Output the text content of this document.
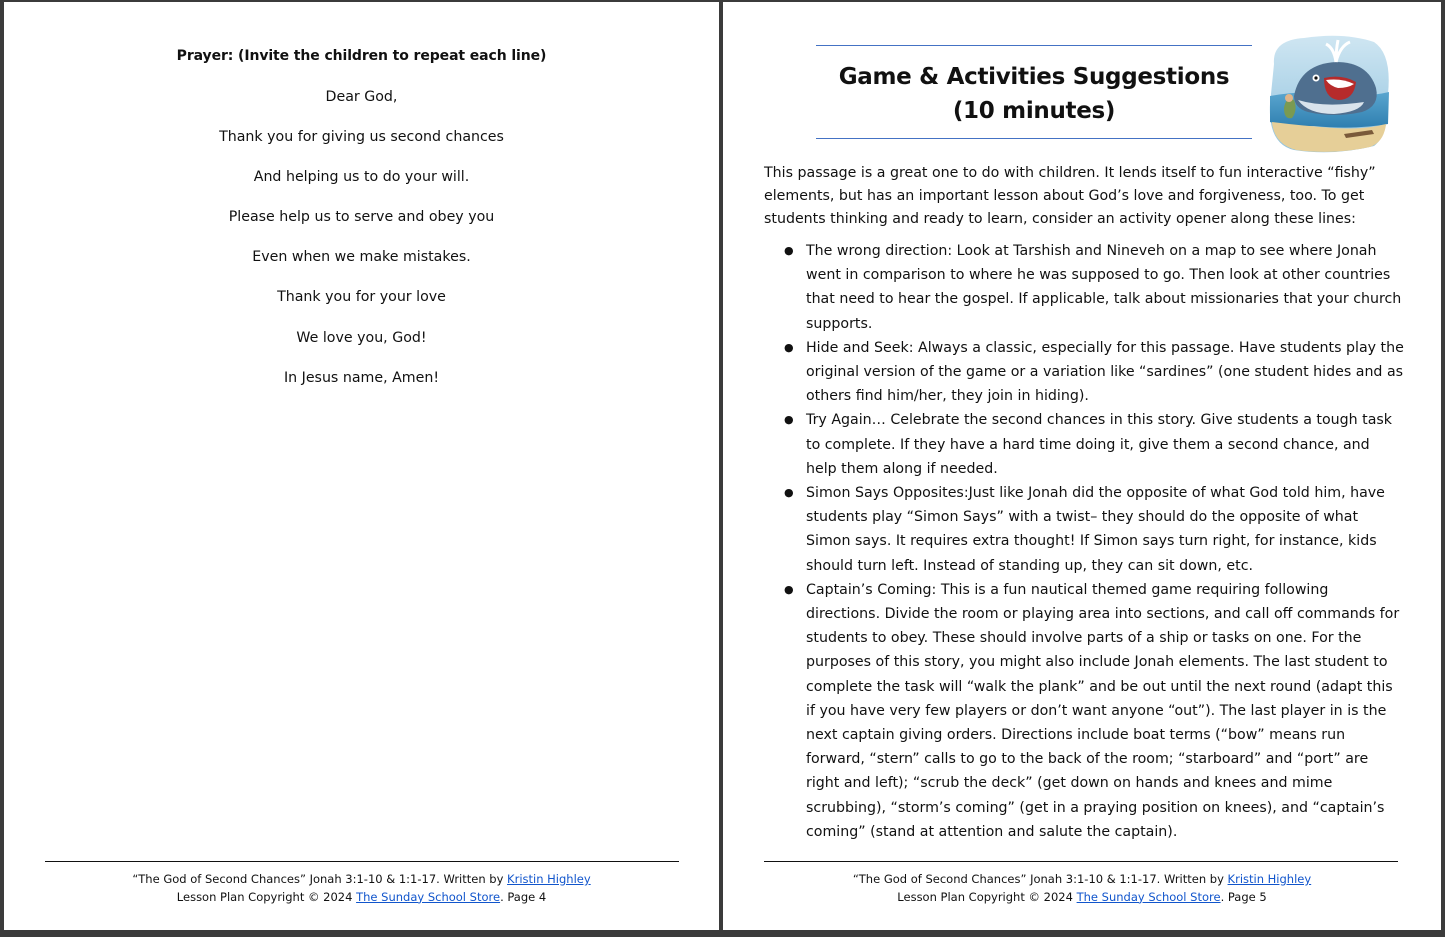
Prayer: (Invite the children to repeat each line)
Dear God,
Thank you for giving us second chances
And helping us to do your will.
Please help us to serve and obey you
Even when we make mistakes.
Thank you for your love
We love you, God!
In Jesus name, Amen!
“The God of Second Chances” Jonah 3:1-10 & 1:1-17. Written by Kristin Highley
Lesson Plan Copyright © 2024 The Sunday School Store. Page 4
Game & Activities Suggestions
(10 minutes)

This passage is a great one to do with children. It lends itself to fun interactive “fishy” elements, but has an important lesson about God’s love and forgiveness, too. To get students thinking and ready to learn, consider an activity opener along these lines:

● The wrong direction: Look at Tarshish and Nineveh on a map to see where Jonah went in comparison to where he was supposed to go. Then look at other countries that need to hear the gospel. If applicable, talk about missionaries that your church supports.
● Hide and Seek: Always a classic, especially for this passage. Have students play the original version of the game or a variation like “sardines” (one student hides and as others find him/her, they join in hiding).
● Try Again… Celebrate the second chances in this story. Give students a tough task to complete. If they have a hard time doing it, give them a second chance, and help them along if needed.
● Simon Says Opposites:Just like Jonah did the opposite of what God told him, have students play “Simon Says” with a twist– they should do the opposite of what Simon says. It requires extra thought! If Simon says turn right, for instance, kids should turn left. Instead of standing up, they can sit down, etc.
● Captain’s Coming: This is a fun nautical themed game requiring following directions. Divide the room or playing area into sections, and call off commands for students to obey. These should involve parts of a ship or tasks on one. For the purposes of this story, you might also include Jonah elements. The last student to complete the task will “walk the plank” and be out until the next round (adapt this if you have very few players or don’t want anyone “out”). The last player in is the next captain giving orders. Directions include boat terms (“bow” means run forward, “stern” calls to go to the back of the room; “starboard” and “port” are right and left); “scrub the deck” (get down on hands and knees and mime scrubbing), “storm’s coming” (get in a praying position on knees), and “captain’s coming” (stand at attention and salute the captain).
“The God of Second Chances” Jonah 3:1-10 & 1:1-17. Written by Kristin Highley
Lesson Plan Copyright © 2024 The Sunday School Store. Page 5
